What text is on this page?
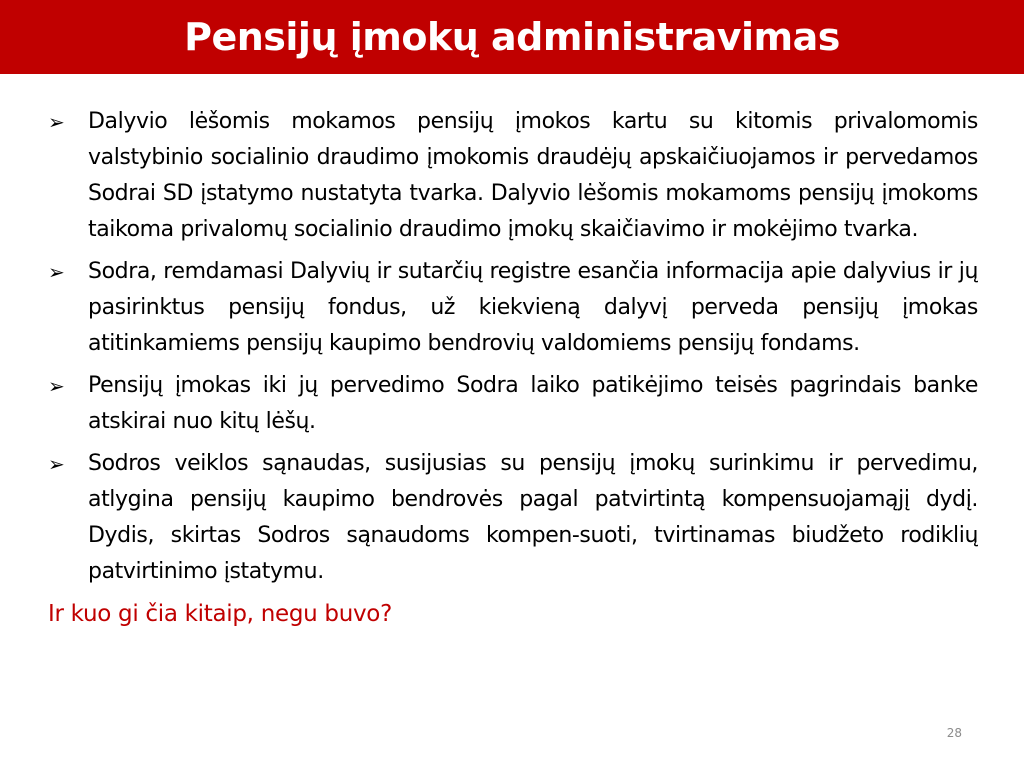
Pensijų įmokų administravimas
➢	Dalyvio lėšomis mokamos pensijų įmokos kartu su kitomis privalomomis valstybinio socialinio draudimo įmokomis draudėjų apskaičiuojamos ir pervedamos Sodrai SD įstatymo nustatyta tvarka. Dalyvio lėšomis mokamoms pensijų įmokoms taikoma privalomų socialinio draudimo įmokų skaičiavimo ir mokėjimo tvarka.
➢	Sodra, remdamasi Dalyvių ir sutarčių registre esančia informacija apie dalyvius ir jų pasirinktus pensijų fondus, už kiekvieną dalyvį perveda pensijų įmokas atitinkamiems pensijų kaupimo bendrovių valdomiems pensijų fondams.
➢	Pensijų įmokas iki jų pervedimo Sodra laiko patikėjimo teisės pagrindais banke atskirai nuo kitų lėšų.
➢	Sodros veiklos sąnaudas, susijusias su pensijų įmokų surinkimu ir pervedimu, atlygina pensijų kaupimo bendrovės pagal patvirtintą kompensuojamąjį dydį. Dydis, skirtas Sodros sąnaudoms kompen-suoti, tvirtinamas biudžeto rodiklių patvirtinimo įstatymu.
Ir kuo gi čia kitaip, negu buvo?
28
